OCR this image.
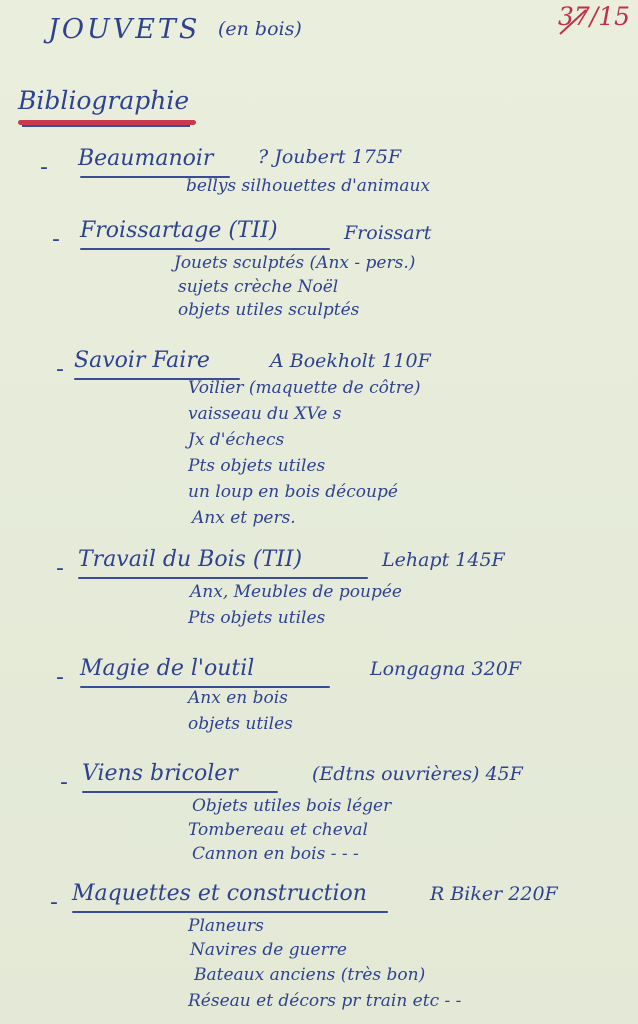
JOUVETS (en bois)	37/15
Bibliographie
- Beaumanoir ? Joubert 175F
bellys silhouettes d'animaux
- Froissartage (TII)	Froissart
Jouets sculptés (Anx - pers.)
sujets crèche Noël
objets utiles sculptés
- Savoir Faire	A Boekholt 110F
Voilier (maquette de côtre)
vaisseau du XVe s
Jx d'échecs
Pts objets utiles
un loup en bois découpé
Anx et pers.
- Travail du Bois (TII)	Lehapt 145F
Anx, Meubles de poupée
Pts objets utiles
- Magie de l'outil	Longagna 320F
Anx en bois
objets utiles
- Viens bricoler	(Edtns ouvrières) 45F
Objets utiles bois léger
Tombereau et cheval
Cannon en bois - - -
- Maquettes et construction	R Biker 220F
Planeurs
Navires de guerre
Bateaux anciens (très bon)
Réseau et décors pr train etc - -
